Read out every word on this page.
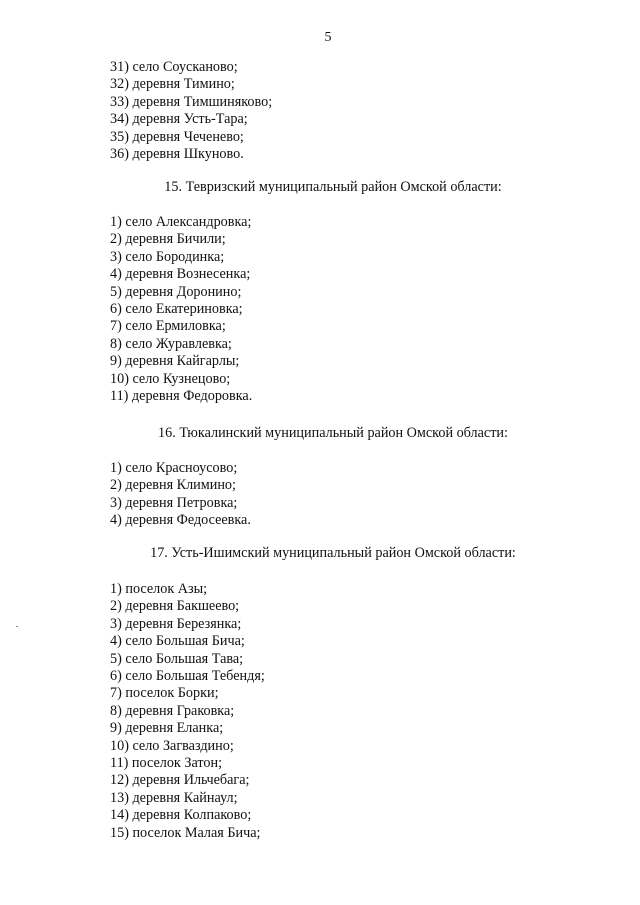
5
31) село Соусканово;
32) деревня Тимино;
33) деревня Тимшиняково;
34) деревня Усть-Тара;
35) деревня Чеченево;
36) деревня Шкуново.
15. Тевризский муниципальный район Омской области:
1) село Александровка;
2) деревня Бичили;
3) село Бородинка;
4) деревня Вознесенка;
5) деревня Доронино;
6) село Екатериновка;
7) село Ермиловка;
8) село Журавлевка;
9) деревня Кайгарлы;
10) село Кузнецово;
11) деревня Федоровка.
16. Тюкалинский муниципальный район Омской области:
1) село Красноусово;
2) деревня Климино;
3) деревня Петровка;
4) деревня Федосеевка.
17. Усть-Ишимский муниципальный район Омской области:
1) поселок Азы;
2) деревня Бакшеево;
3) деревня Березянка;
4) село Большая Бича;
5) село Большая Тава;
6) село Большая Тебендя;
7) поселок Борки;
8) деревня Граковка;
9) деревня Еланка;
10) село Загваздино;
11) поселок Затон;
12) деревня Ильчебага;
13) деревня Кайнаул;
14) деревня Колпаково;
15) поселок Малая Бича;
